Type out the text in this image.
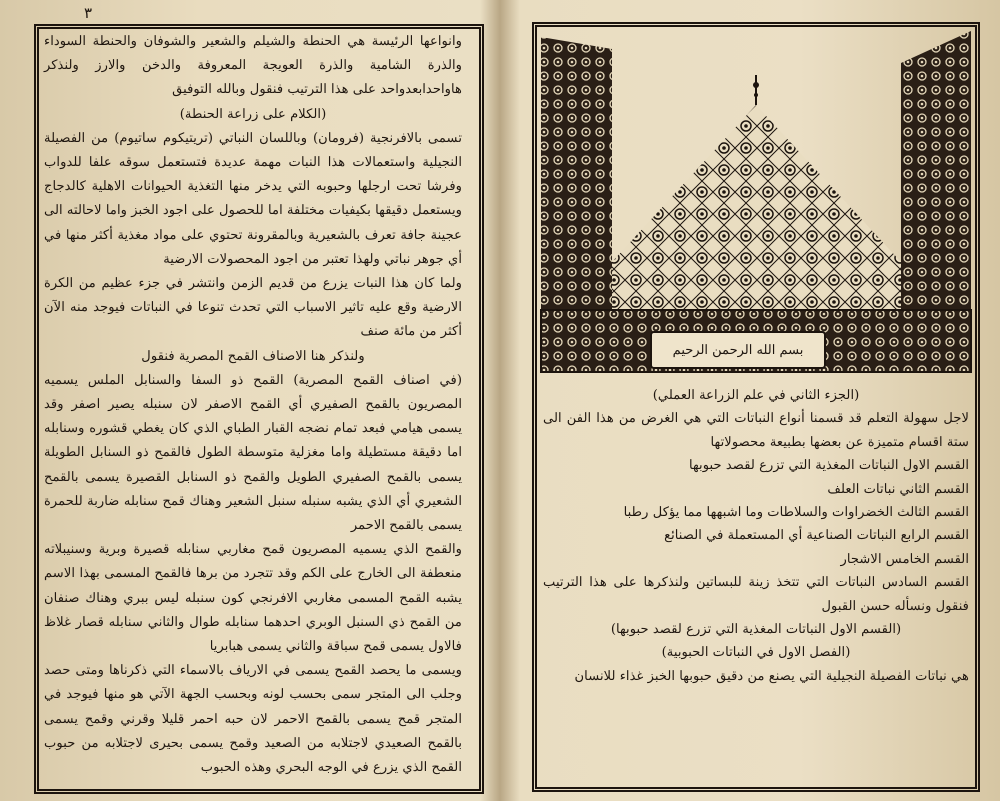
٣

وانواعها الرئيسة هي الحنطة والشيلم والشعير والشوفان والحنطة السوداء والذرة الشامية والذرة العويجة المعروفة والدخن والارز ولنذكر هاواحدابعدواحد على هذا الترتيب فنقول وبالله التوفيق

(الكلام على زراعة الحنطة)

تسمى بالافرنجية (فرومان) وباللسان النباتي (تريتيكوم ساتيوم) من الفصيلة النجيلية واستعمالات هذا النبات مهمة عديدة فتستعمل سوقه علفا للدواب وفرشا تحت ارجلها وحبوبه التي يدخر منها التغذية الحيوانات الاهلية كالدجاج ويستعمل دقيقها بكيفيات مختلفة اما للحصول على اجود الخبز واما لاحالته الى عجينة جافة تعرف بالشعيرية وبالمقرونة تحتوي على مواد مغذية أكثر منها في أي جوهر نباتي ولهذا تعتبر من اجود المحصولات الارضية

ولما كان هذا النبات يزرع من قديم الزمن وانتشر في جزء عظيم من الكرة الارضية وقع عليه تاثير الاسباب التي تحدث تنوعا في النباتات فيوجد منه الآن أكثر من مائة صنف

ولنذكر هنا الاصناف القمح المصرية فنقول

(في اصناف القمح المصرية) القمح ذو السفا والسنابل الملس يسميه المصريون بالقمح الصفيري أي القمح الاصفر لان سنبله يصير اصفر وقد يسمى هيامي فبعد تمام نضجه القبار الطباي الذي كان يغطي قشوره وسنابله اما دقيقة مستطيلة واما مغزلية متوسطة الطول فالقمح ذو السنابل الطويلة يسمى بالقمح الصفيري الطويل والقمح ذو السنابل القصيرة يسمى بالقمح الشعيري أي الذي يشبه سنبله سنبل الشعير وهناك قمح سنابله ضاربة للحمرة يسمى بالقمح الاحمر

والقمح الذي يسميه المصريون قمح مغاربي سنابله قصيرة وبرية وسنيبلاته منعطفة الى الخارج على الكم وقد تتجرد من برها فالقمح المسمى بهذا الاسم يشبه القمح المسمى مغاربي الافرنجي كون سنبله ليس ببري وهناك صنفان من القمح ذي السنبل الوبري احدهما سنابله طوال والثاني سنابله قصار غلاظ فالاول يسمى قمح سباقة والثاني يسمى هبابريا

ويسمى ما يحصد القمح يسمى في الارياف بالاسماء التي ذكرناها ومتى حصد وجلب الى المتجر سمى بحسب لونه وبحسب الجهة الآتي هو منها فيوجد في المتجر قمح يسمى بالقمح الاحمر لان حبه احمر قليلا وقرني وقمح يسمى بالقمح الصعيدي لاجتلابه من الصعيد وقمح يسمى بحيرى لاجتلابه من حبوب القمح الذي يزرع في الوجه البحري وهذه الحبوب

بسم الله الرحمن الرحيم

(الجزء الثاني في علم الزراعة العملي)

لاجل سهولة التعلم قد قسمنا أنواع النباتات التي هي الغرض من هذا الفن الى ستة اقسام متميزة عن بعضها بطبيعة محصولاتها

القسم الاول النباتات المغذية التي تزرع لقصد حبوبها

القسم الثاني نباتات العلف

القسم الثالث الخضراوات والسلاطات وما اشبهها مما يؤكل رطبا

القسم الرابع النباتات الصناعية أي المستعملة في الصنائع

القسم الخامس الاشجار

القسم السادس النباتات التي تتخذ زينة للبساتين ولنذكرها على هذا الترتيب فنقول ونسأله حسن القبول

(القسم الاول النباتات المغذية التي تزرع لقصد حبوبها)

(الفصل الاول في النباتات الحبوبية)

هي نباتات الفصيلة النجيلية التي يصنع من دقيق حبوبها الخبز غذاء للانسان
